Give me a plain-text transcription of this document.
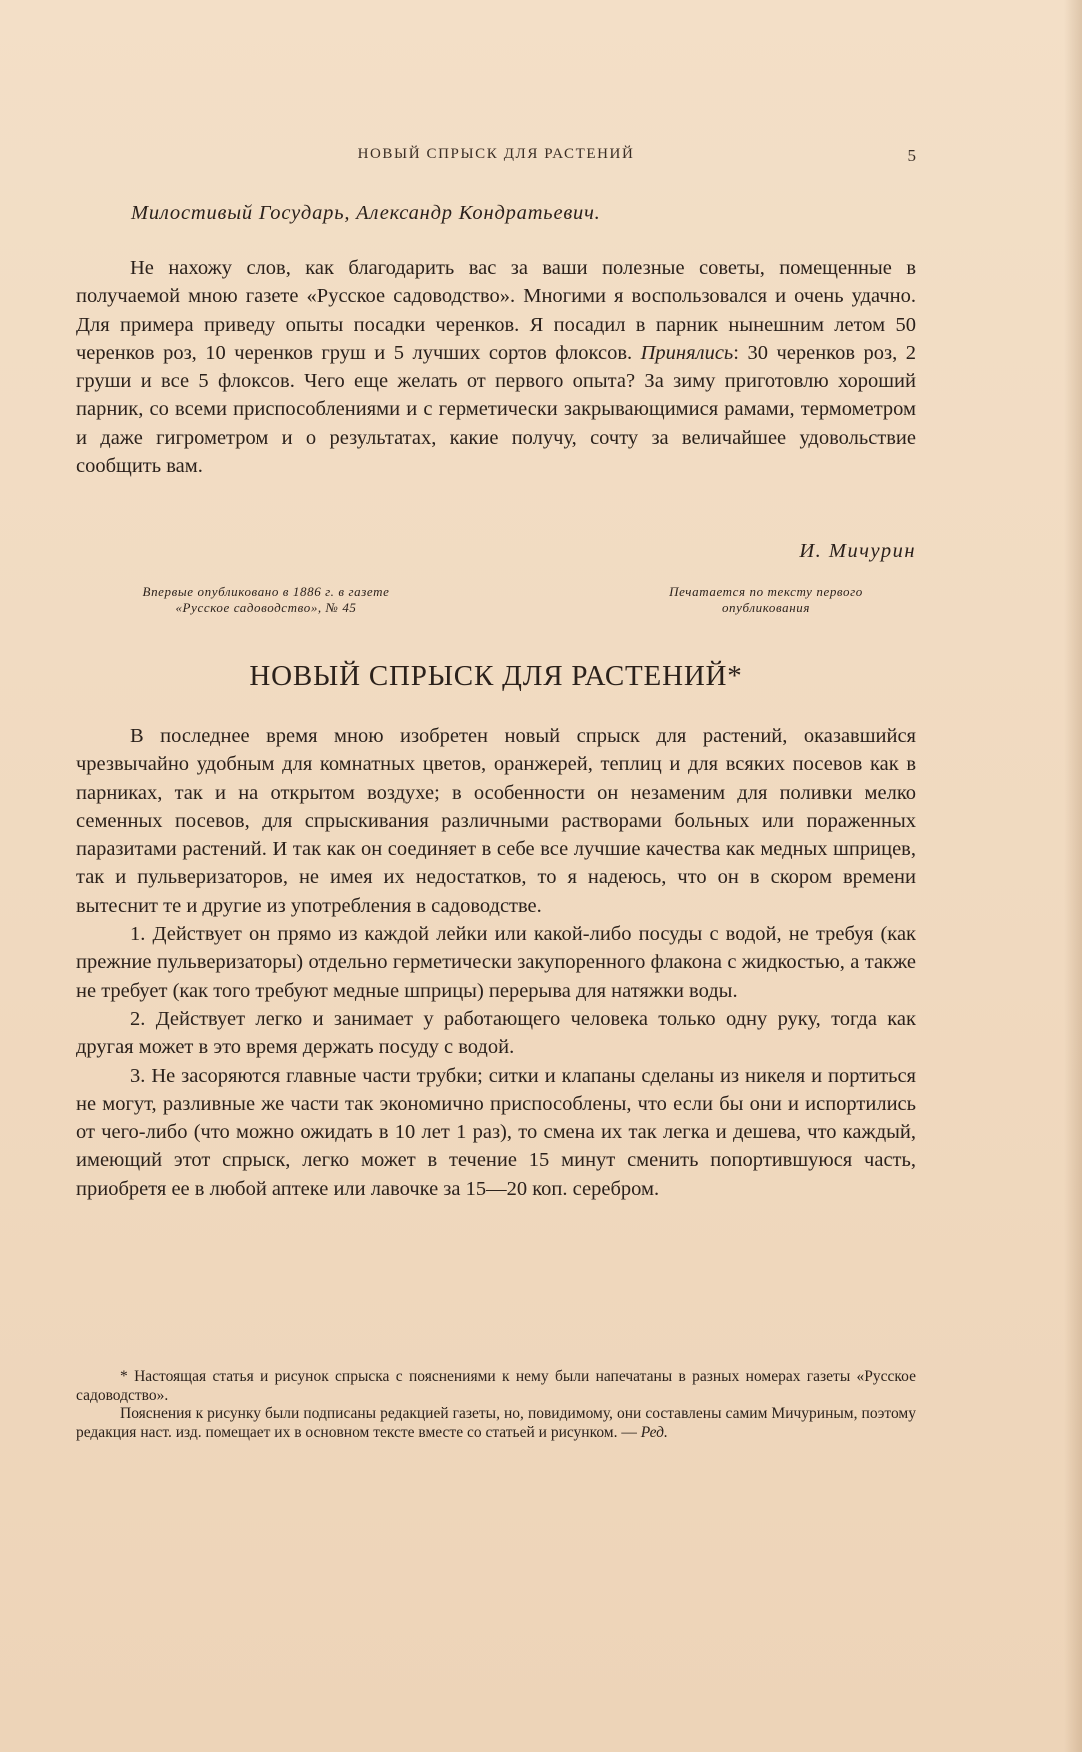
НОВЫЙ СПРЫСК ДЛЯ РАСТЕНИЙ	5
Милостивый Государь, Александр Кондратьевич.

Не нахожу слов, как благодарить вас за ваши полезные советы, помещенные в получаемой мною газете «Русское садоводство». Многими я воспользовался и очень удачно. Для примера приведу опыты посадки черенков. Я посадил в парник нынешним летом 50 черенков роз, 10 черенков груш и 5 лучших сортов флоксов. Принялись: 30 черенков роз, 2 груши и все 5 флоксов. Чего еще желать от первого опыта? За зиму приготовлю хороший парник, со всеми приспособлениями и с герметически закрывающимися рамами, термометром и даже гигрометром и о результатах, какие получу, сочту за величайшее удовольствие сообщить вам.

И. Мичурин
Впервые опубликовано в 1886 г. в газете
«Русское садоводство», № 45
Печатается по тексту первого
опубликования
НОВЫЙ СПРЫСК ДЛЯ РАСТЕНИЙ*

В последнее время мною изобретен новый спрыск для растений, оказавшийся чрезвычайно удобным для комнатных цветов, оранжерей, теплиц и для всяких посевов как в парниках, так и на открытом воздухе; в особенности он незаменим для поливки мелко семенных посевов, для спрыскивания различными растворами больных или пораженных паразитами растений. И так как он соединяет в себе все лучшие качества как медных шприцев, так и пульверизаторов, не имея их недостатков, то я надеюсь, что он в скором времени вытеснит те и другие из употребления в садоводстве.

1. Действует он прямо из каждой лейки или какой-либо посуды с водой, не требуя (как прежние пульверизаторы) отдельно герметически закупоренного флакона с жидкостью, а также не требует (как того требуют медные шприцы) перерыва для натяжки воды.

2. Действует легко и занимает у работающего человека только одну руку, тогда как другая может в это время держать посуду с водой.

3. Не засоряются главные части трубки; ситки и клапаны сделаны из никеля и портиться не могут, разливные же части так экономично приспособлены, что если бы они и испортились от чего-либо (что можно ожидать в 10 лет 1 раз), то смена их так легка и дешева, что каждый, имеющий этот спрыск, легко может в течение 15 минут сменить попортившуюся часть, приобретя ее в любой аптеке или лавочке за 15—20 коп. серебром.

* Настоящая статья и рисунок спрыска с пояснениями к нему были напечатаны в разных номерах газеты «Русское садоводство».

Пояснения к рисунку были подписаны редакцией газеты, но, повидимому, они составлены самим Мичуриным, поэтому редакция наст. изд. помещает их в основном тексте вместе со статьей и рисунком. — Ред.
